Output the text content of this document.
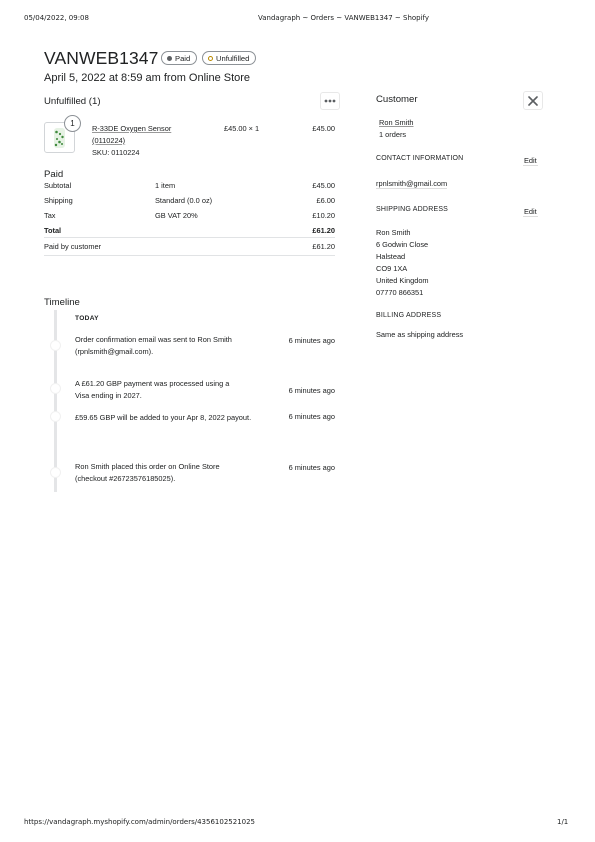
05/04/2022, 09:08	Vandagraph ~ Orders ~ VANWEB1347 ~ Shopify
VANWEB1347 Paid	Unfulfilled
April 5, 2022 at 8:59 am from Online Store
Unfulfilled (1)
1
R-33DE Oxygen Sensor
(0110224)
SKU: 0110224
£45.00 × 1	£45.00
Paid
Subtotal	1 item	£45.00
Shipping	Standard (0.0 oz)	£6.00
Tax	GB VAT 20%	£10.20
Total	£61.20
Paid by customer	£61.20
Timeline
TODAY
Order confirmation email was sent to Ron Smith
(rpnlsmith@gmail.com).
6 minutes ago
A £61.20 GBP payment was processed using a
Visa ending in 2027.	6 minutes ago
£59.65 GBP will be added to your Apr 8, 2022 payout.	6 minutes ago
Ron Smith placed this order on Online Store
(checkout #26723576185025).
6 minutes ago
Customer
Ron Smith
1 orders
CONTACT INFORMATION	Edit
rpnlsmith@gmail.com
SHIPPING ADDRESS	Edit
Ron Smith
6 Godwin Close
Halstead
CO9 1XA
United Kingdom
07770 866351
BILLING ADDRESS
Same as shipping address
https://vandagraph.myshopify.com/admin/orders/4356102521025	1/1
